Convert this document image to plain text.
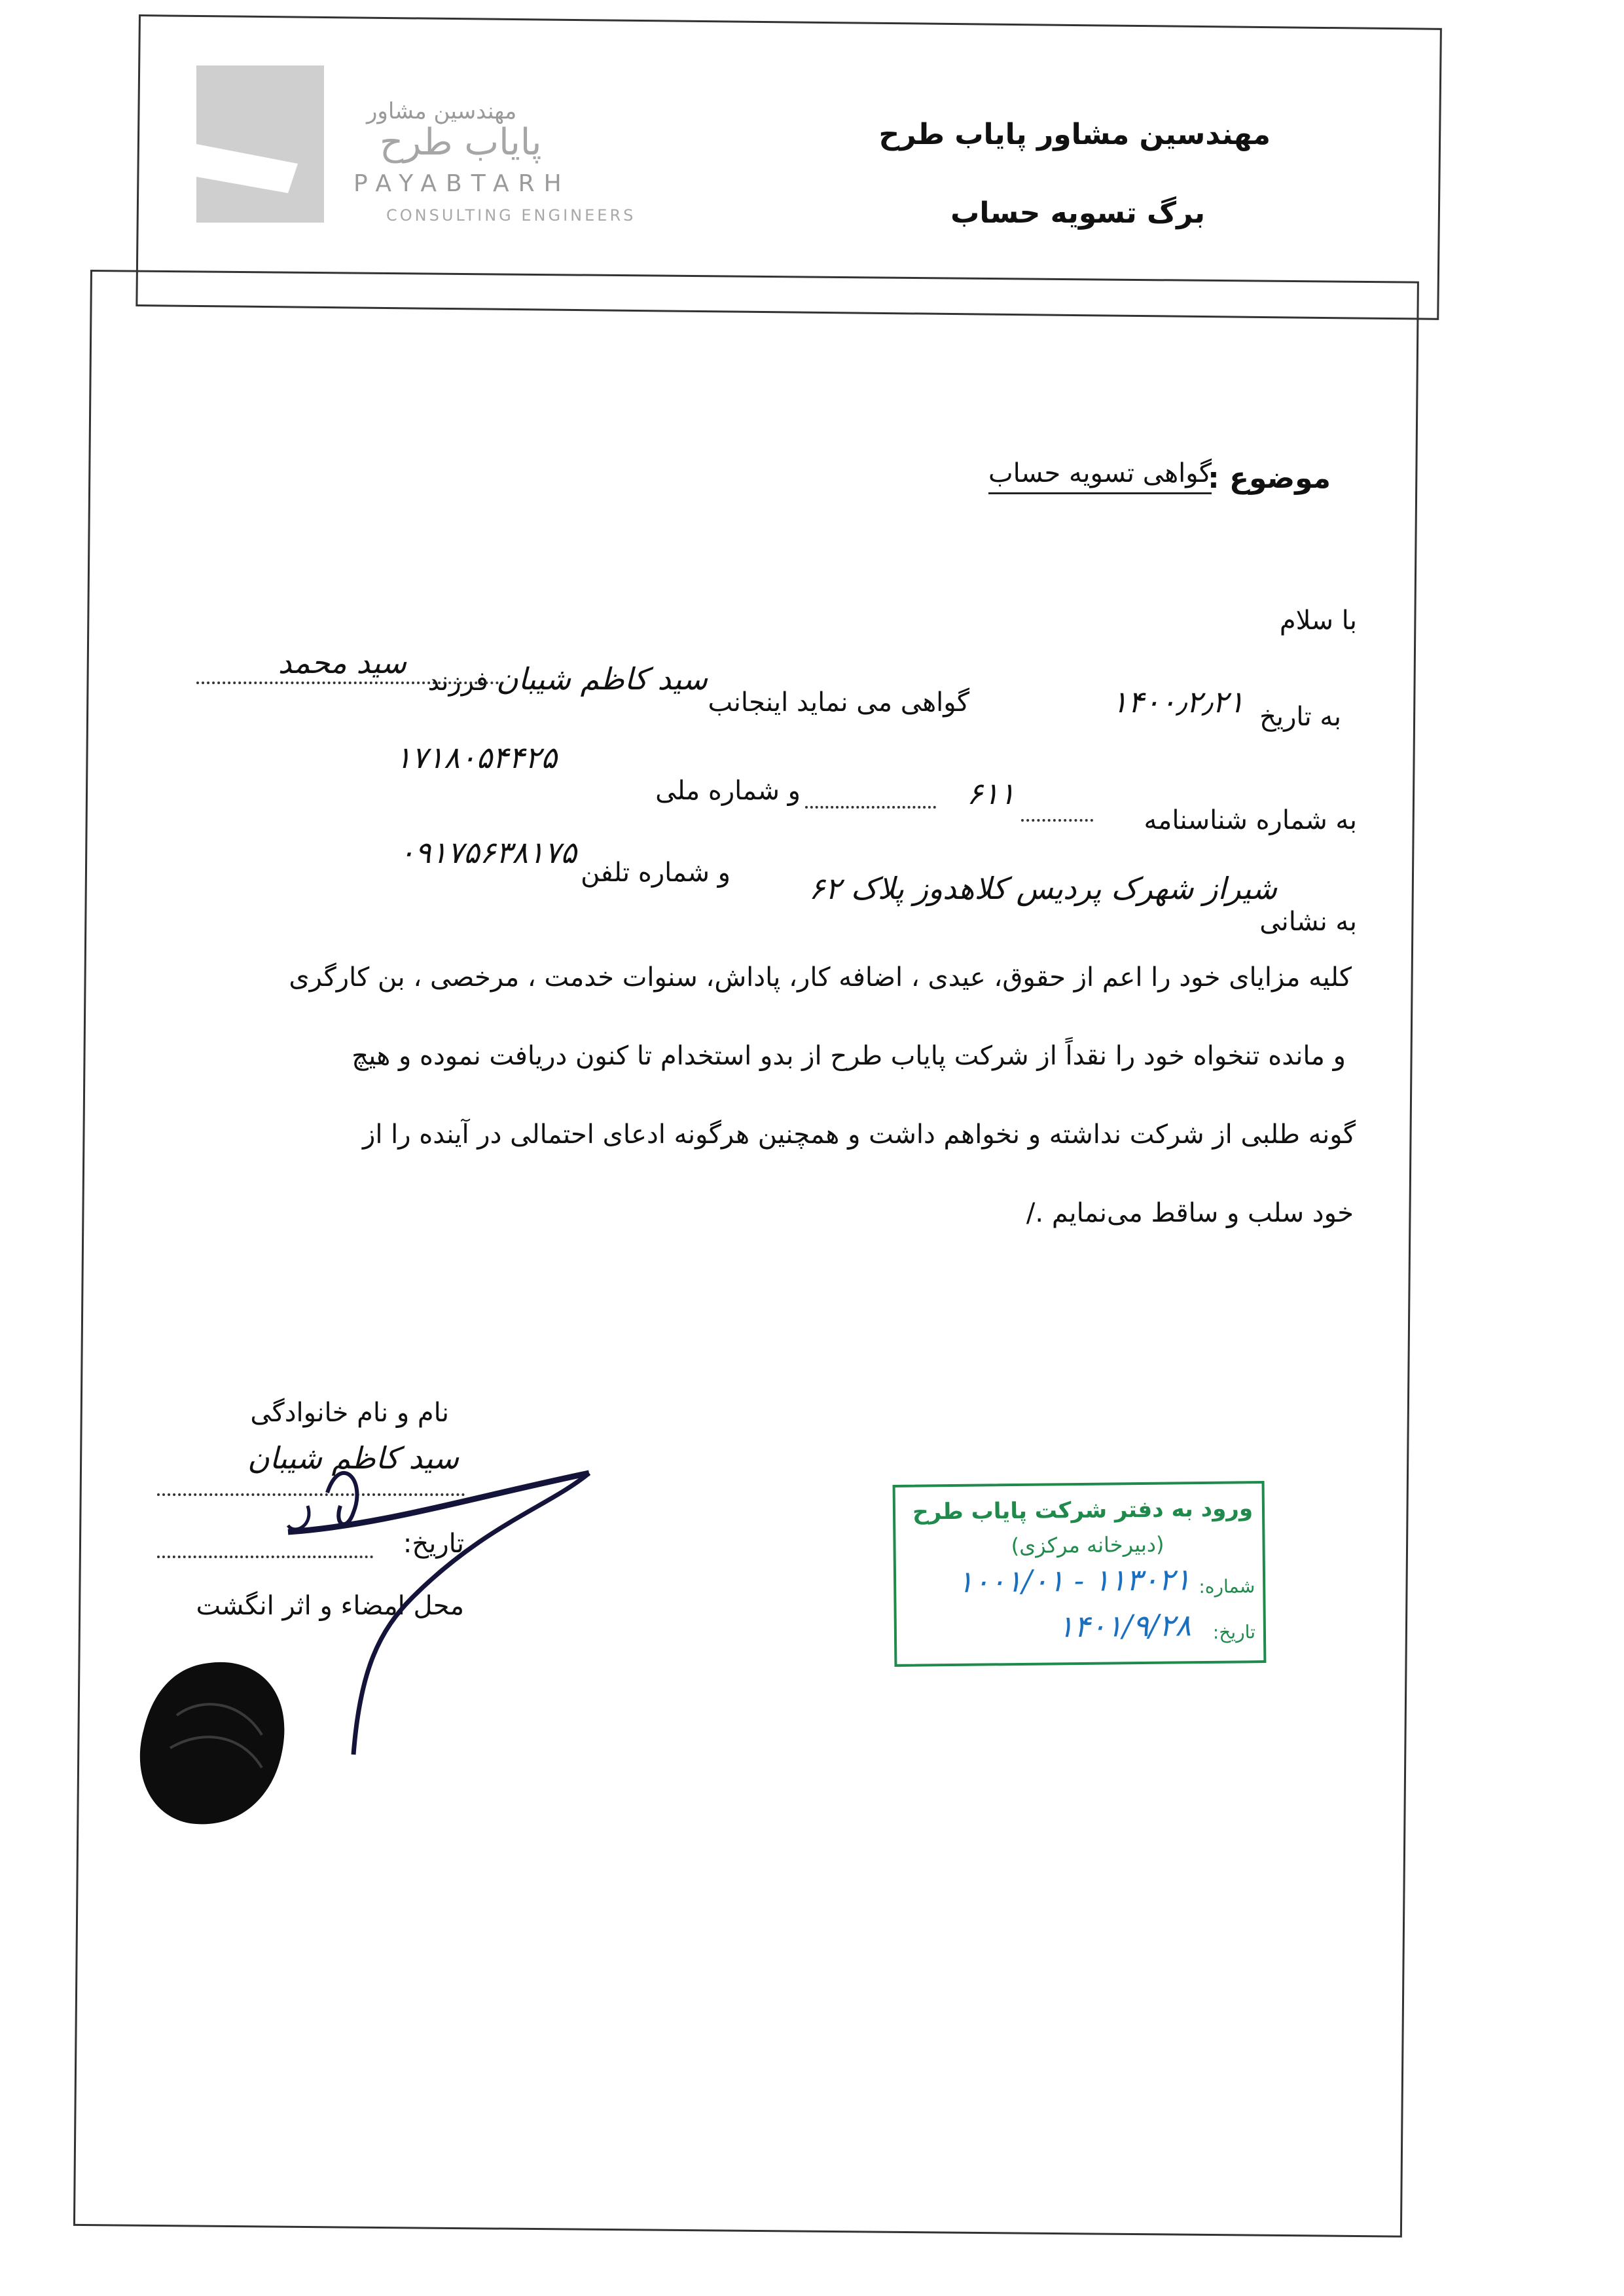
مهندسین مشاور
پایاب طرح
PAYABTARH
CONSULTING ENGINEERS
مهندسین مشاور پایاب طرح
برگ تسویه حساب
موضوع :
گواهی تسویه حساب
با سلام
به تاریخ
۱۴۰۰٫۲٫۲۱
گواهی می نماید اینجانب
سید کاظم شیبان
فرزند
سید محمد
به شماره شناسنامه
۶۱۱
و شماره ملی
۱۷۱۸۰۵۴۴۲۵
به نشانی
شیراز شهرک پردیس کلاهدوز پلاک ۶۲
و شماره تلفن
۰۹۱۷۵۶۳۸۱۷۵
کلیه مزایای خود را اعم از حقوق، عیدی ، اضافه کار، پاداش، سنوات خدمت ، مرخصی ، بن کارگری
و مانده تنخواه خود را نقداً از شرکت پایاب طرح از بدو استخدام تا کنون دریافت نموده و هیچ
گونه طلبی از شرکت نداشته و نخواهم داشت و همچنین هرگونه ادعای احتمالی در آینده را از
خود سلب و ساقط می‌نمایم ./
نام و نام خانوادگی
سید کاظم شیبان
تاریخ:
محل امضاء و اثر انگشت
ورود به دفتر شرکت پایاب طرح
(دبیرخانه مرکزی)
شماره:
۱۰۰۱/۰۱ - ۱۱۳۰۲۱
تاریخ:
۱۴۰۱/۹/۲۸
